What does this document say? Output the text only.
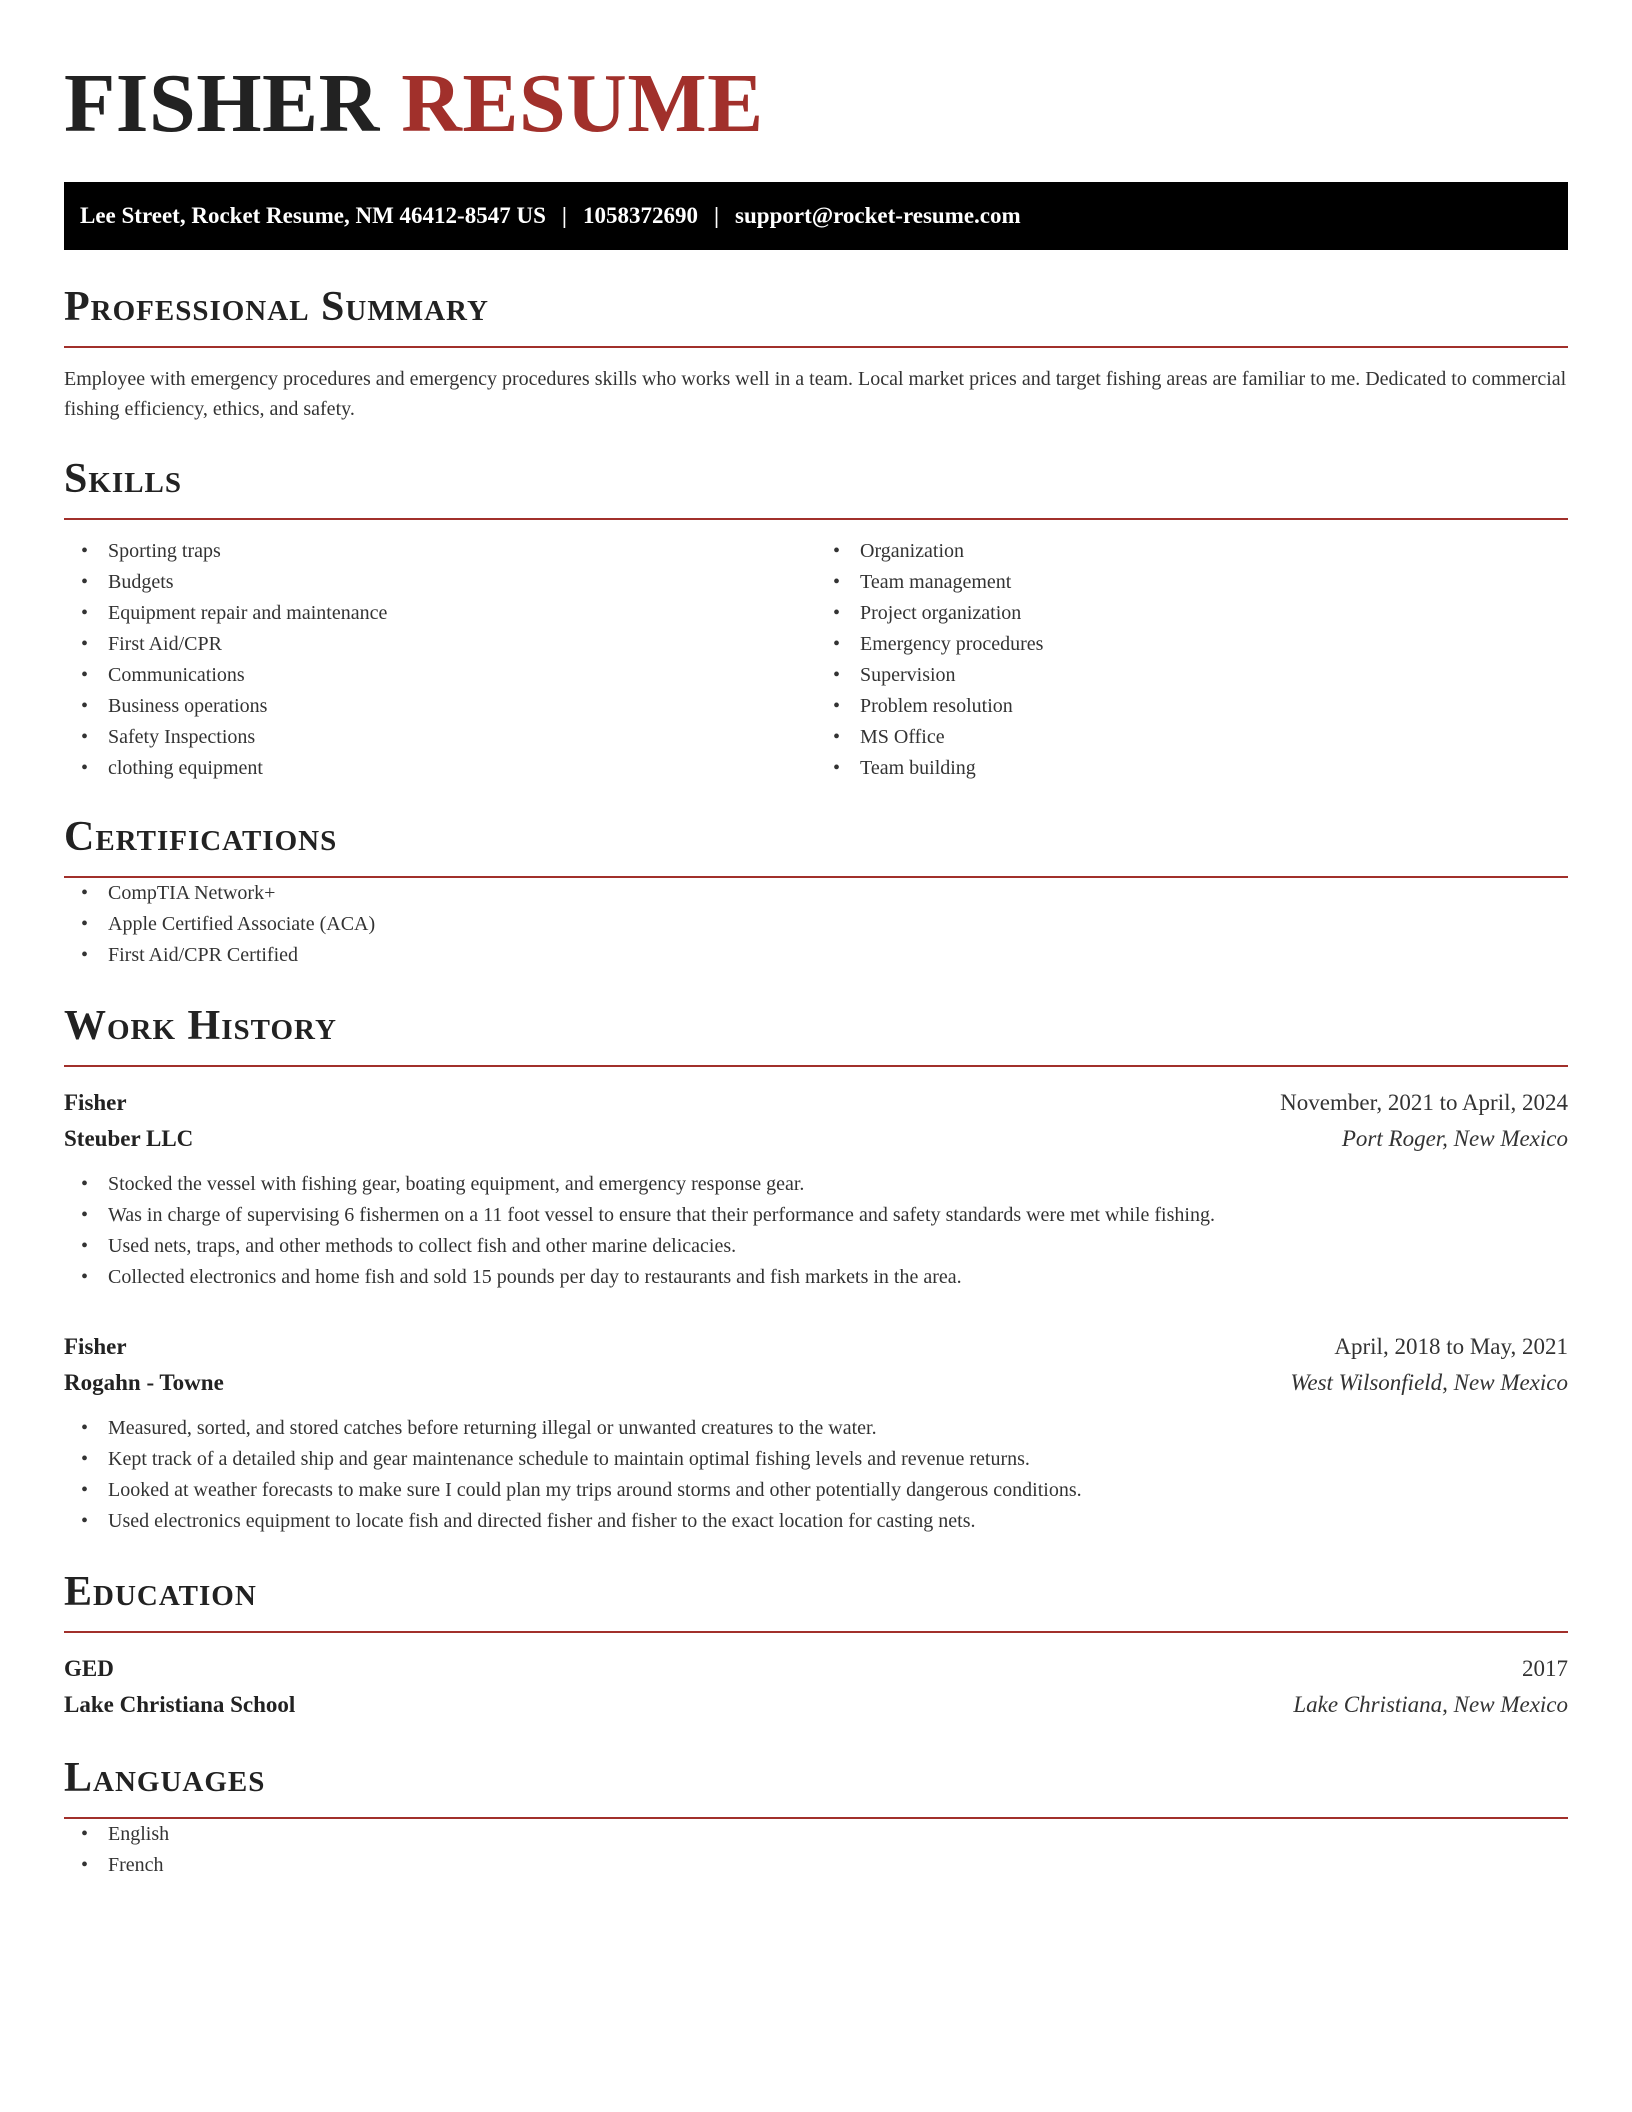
FISHER RESUME
Lee Street, Rocket Resume, NM 46412-8547 US | 1058372690 | support@rocket-resume.com
Professional Summary

Employee with emergency procedures and emergency procedures skills who works well in a team. Local market prices and target fishing areas are familiar to me. Dedicated to commercial fishing efficiency, ethics, and safety.

Skills
• Sporting traps
• Budgets
• Equipment repair and maintenance
• First Aid/CPR
• Communications
• Business operations
• Safety Inspections
• clothing equipment
• Organization
• Team management
• Project organization
• Emergency procedures
• Supervision
• Problem resolution
• MS Office
• Team building
Certifications
• CompTIA Network+
• Apple Certified Associate (ACA)
• First Aid/CPR Certified
Work History
Fisher	November, 2021 to April, 2024
Steuber LLC	Port Roger, New Mexico
• Stocked the vessel with fishing gear, boating equipment, and emergency response gear.
• Was in charge of supervising 6 fishermen on a 11 foot vessel to ensure that their performance and safety standards were met while fishing.
• Used nets, traps, and other methods to collect fish and other marine delicacies.
• Collected electronics and home fish and sold 15 pounds per day to restaurants and fish markets in the area.
Fisher	April, 2018 to May, 2021
Rogahn - Towne	West Wilsonfield, New Mexico
• Measured, sorted, and stored catches before returning illegal or unwanted creatures to the water.
• Kept track of a detailed ship and gear maintenance schedule to maintain optimal fishing levels and revenue returns.
• Looked at weather forecasts to make sure I could plan my trips around storms and other potentially dangerous conditions.
• Used electronics equipment to locate fish and directed fisher and fisher to the exact location for casting nets.
Education
GED	2017
Lake Christiana School	Lake Christiana, New Mexico
Languages
• English
• French
